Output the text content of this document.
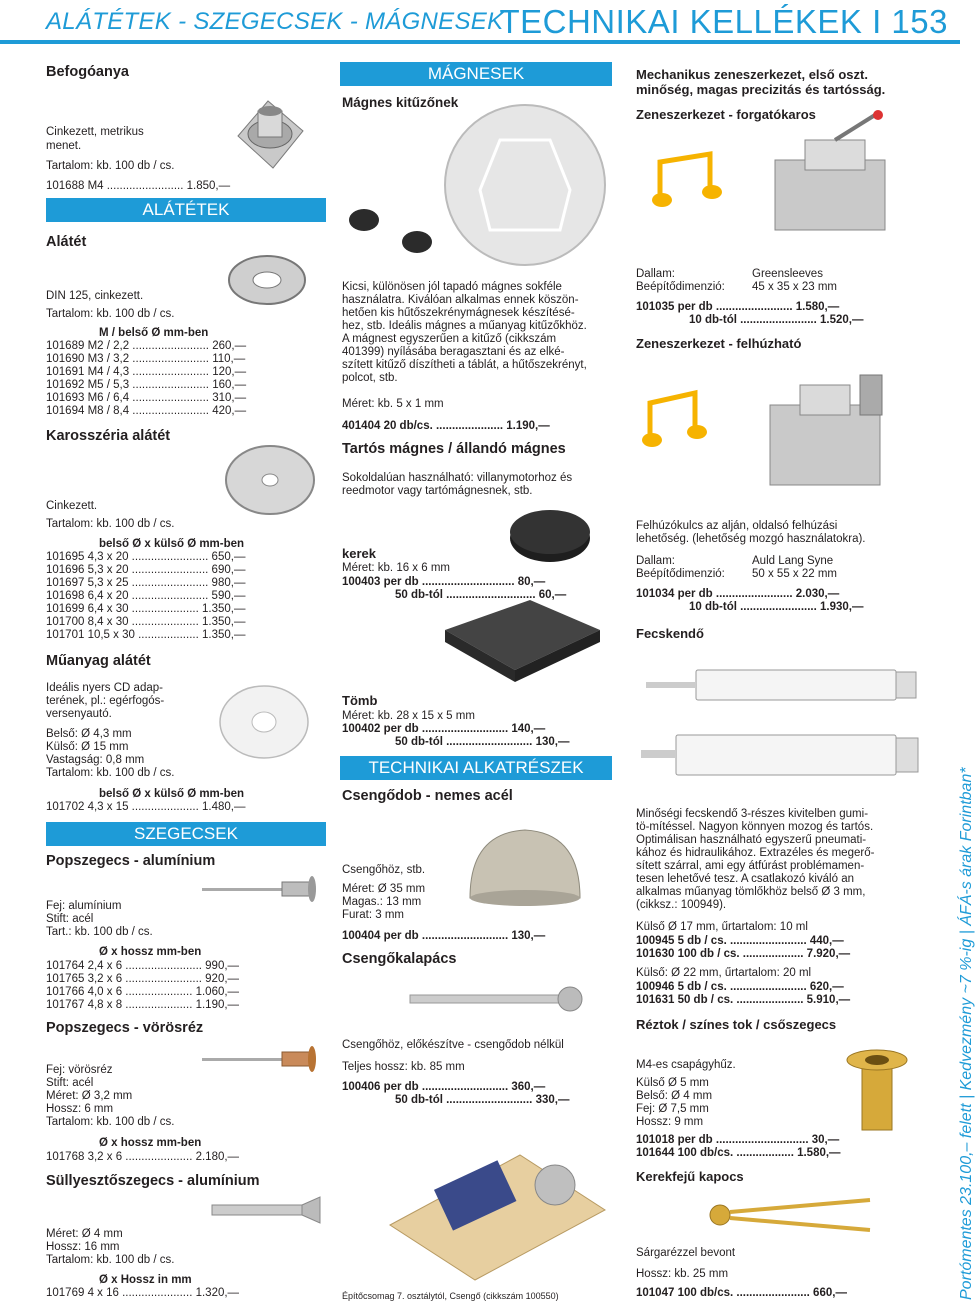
ALÁTÉTEK - SZEGECSEK - MÁGNESEK
TECHNIKAI KELLÉKEK I 153
Befogóanya
Cinkezett, metrikus
menet.
Tartalom: kb. 100 db / cs.
101688 M4 ........................ 1.850,—
ALÁTÉTEK
Alátét
DIN 125, cinkezett.
Tartalom: kb. 100 db / cs.
M / belső Ø mm-ben
101689 M2 / 2,2 ........................ 260,—
101690 M3 / 3,2 ........................ 110,—
101691 M4 / 4,3 ........................ 120,—
101692 M5 / 5,3 ........................ 160,—
101693 M6 / 6,4 ........................ 310,—
101694 M8 / 8,4 ........................ 420,—
Karosszéria alátét
Cinkezett.
Tartalom: kb. 100 db / cs.
belső Ø x külső Ø mm-ben
101695 4,3 x 20 ........................ 650,—
101696 5,3 x 20 ........................ 690,—
101697 5,3 x 25 ........................ 980,—
101698 6,4 x 20 ........................ 590,—
101699 6,4 x 30 ..................... 1.350,—
101700 8,4 x 30 ..................... 1.350,—
101701 10,5 x 30 ................... 1.350,—
Műanyag alátét
Ideális nyers CD adap-
terének, pl.: egérfogós-
versenyautó.
Belső: Ø 4,3 mm
Külső: Ø 15 mm
Vastagság: 0,8 mm
Tartalom: kb. 100 db / cs.
belső Ø x külső Ø mm-ben
101702 4,3 x 15 ..................... 1.480,—
SZEGECSEK
Popszegecs - alumínium
Fej: alumínium
Stift: acél
Tart.: kb. 100 db / cs.
Ø x hossz mm-ben
101764 2,4 x 6 ........................ 990,—
101765 3,2 x 6 ........................ 920,—
101766 4,0 x 6 ..................... 1.060,—
101767 4,8 x 8 ..................... 1.190,—
Popszegecs - vörösréz
Fej: vörösréz
Stift: acél
Méret: Ø 3,2 mm
Hossz: 6 mm
Tartalom: kb. 100 db / cs.
Ø x hossz mm-ben
101768 3,2 x 6 ..................... 2.180,—
Süllyesztőszegecs - alumínium
Méret: Ø 4 mm
Hossz: 16 mm
Tartalom: kb. 100 db / cs.
Ø x Hossz in mm
101769 4 x 16 ...................... 1.320,—
MÁGNESEK
Mágnes kitűzőnek
Kicsi, különösen jól tapadó mágnes sokféle
használatra. Kiválóan alkalmas ennek köszön-
hetően kis hűtőszekrénymágnesek készítésé-
hez, stb. Ideális mágnes a műanyag kitűzőkhöz.
A mágnest egyszerűen a kitűző (cikkszám
401399) nyílásába beragasztani és az elké-
szített kitűző díszítheti a táblát, a hűtőszekrényt,
polcot, stb.
Méret: kb. 5 x 1 mm
401404 20 db/cs. ..................... 1.190,—
Tartós mágnes / állandó mágnes
Sokoldalúan használható: villanymotorhoz és
reedmotor vagy tartómágnesnek, stb.
kerek
Méret: kb. 16 x 6 mm
100403 per db ............................. 80,—
50 db-tól ............................ 60,—
Tömb
Méret: kb. 28 x 15 x 5 mm
100402 per db ........................... 140,—
50 db-tól ........................... 130,—
TECHNIKAI ALKATRÉSZEK
Csengődob - nemes acél
Csengőhöz, stb.
Méret: Ø 35 mm
Magas.: 13 mm
Furat: 3 mm
100404 per db ........................... 130,—
Csengőkalapács
Csengőhöz, előkészítve - csengődob nélkül
Teljes hossz: kb. 85 mm
100406 per db ........................... 360,—
50 db-tól ........................... 330,—
Építőcsomag 7. osztálytól, Csengő (cikkszám 100550)
Mechanikus zeneszerkezet, első oszt.
minőség, magas precizitás és tartósság.
Zeneszerkezet - forgatókaros
Dallam:	Greensleeves
Beépítődimenzió: 45 x 35 x 23 mm
101035 per db ........................ 1.580,—
10 db-tól ........................ 1.520,—
Zeneszerkezet - felhúzható
Felhúzókulcs az alján, oldalsó felhúzási
lehetőség. (lehetőség mozgó használatokra).
Dallam:	Auld Lang Syne
Beépítődimenzió: 50 x 55 x 22 mm
101034 per db ........................ 2.030,—
10 db-tól ........................ 1.930,—
Fecskendő
Minőségi fecskendő 3-részes kivitelben gumi-
tö-mítéssel. Nagyon könnyen mozog és tartós.
Optimálisan használható egyszerű pneumati-
kához és hidraulikához. Extrazéles és megerő-
sített szárral, ami egy átfúrást problémamen-
tesen lehetővé tesz. A csatlakozó kiváló an
alkalmas műanyag tömlőkhöz belső Ø 3 mm,
(cikksz.: 100949).
Külső Ø 17 mm, űrtartalom: 10 ml
100945 5 db / cs. ........................ 440,—
101630 100 db / cs. ................... 7.920,—
Külső: Ø 22 mm, űrtartalom: 20 ml
100946 5 db / cs. ........................ 620,—
101631 50 db / cs. ..................... 5.910,—
Réztok / színes tok / csőszegecs
M4-es csapágyhűz.
Külső Ø 5 mm
Belső: Ø 4 mm
Fej: Ø 7,5 mm
Hossz: 9 mm
101018 per db ............................. 30,—
101644 100 db/cs. .................. 1.580,—
Kerekfejű kapocs
Sárgarézzel bevont
Hossz: kb. 25 mm
101047 100 db/cs. ....................... 660,—	Portómentes 23.100,– felett | Kedvezmény ~7 %-ig | ÁFÁ-s árak Forintban*
